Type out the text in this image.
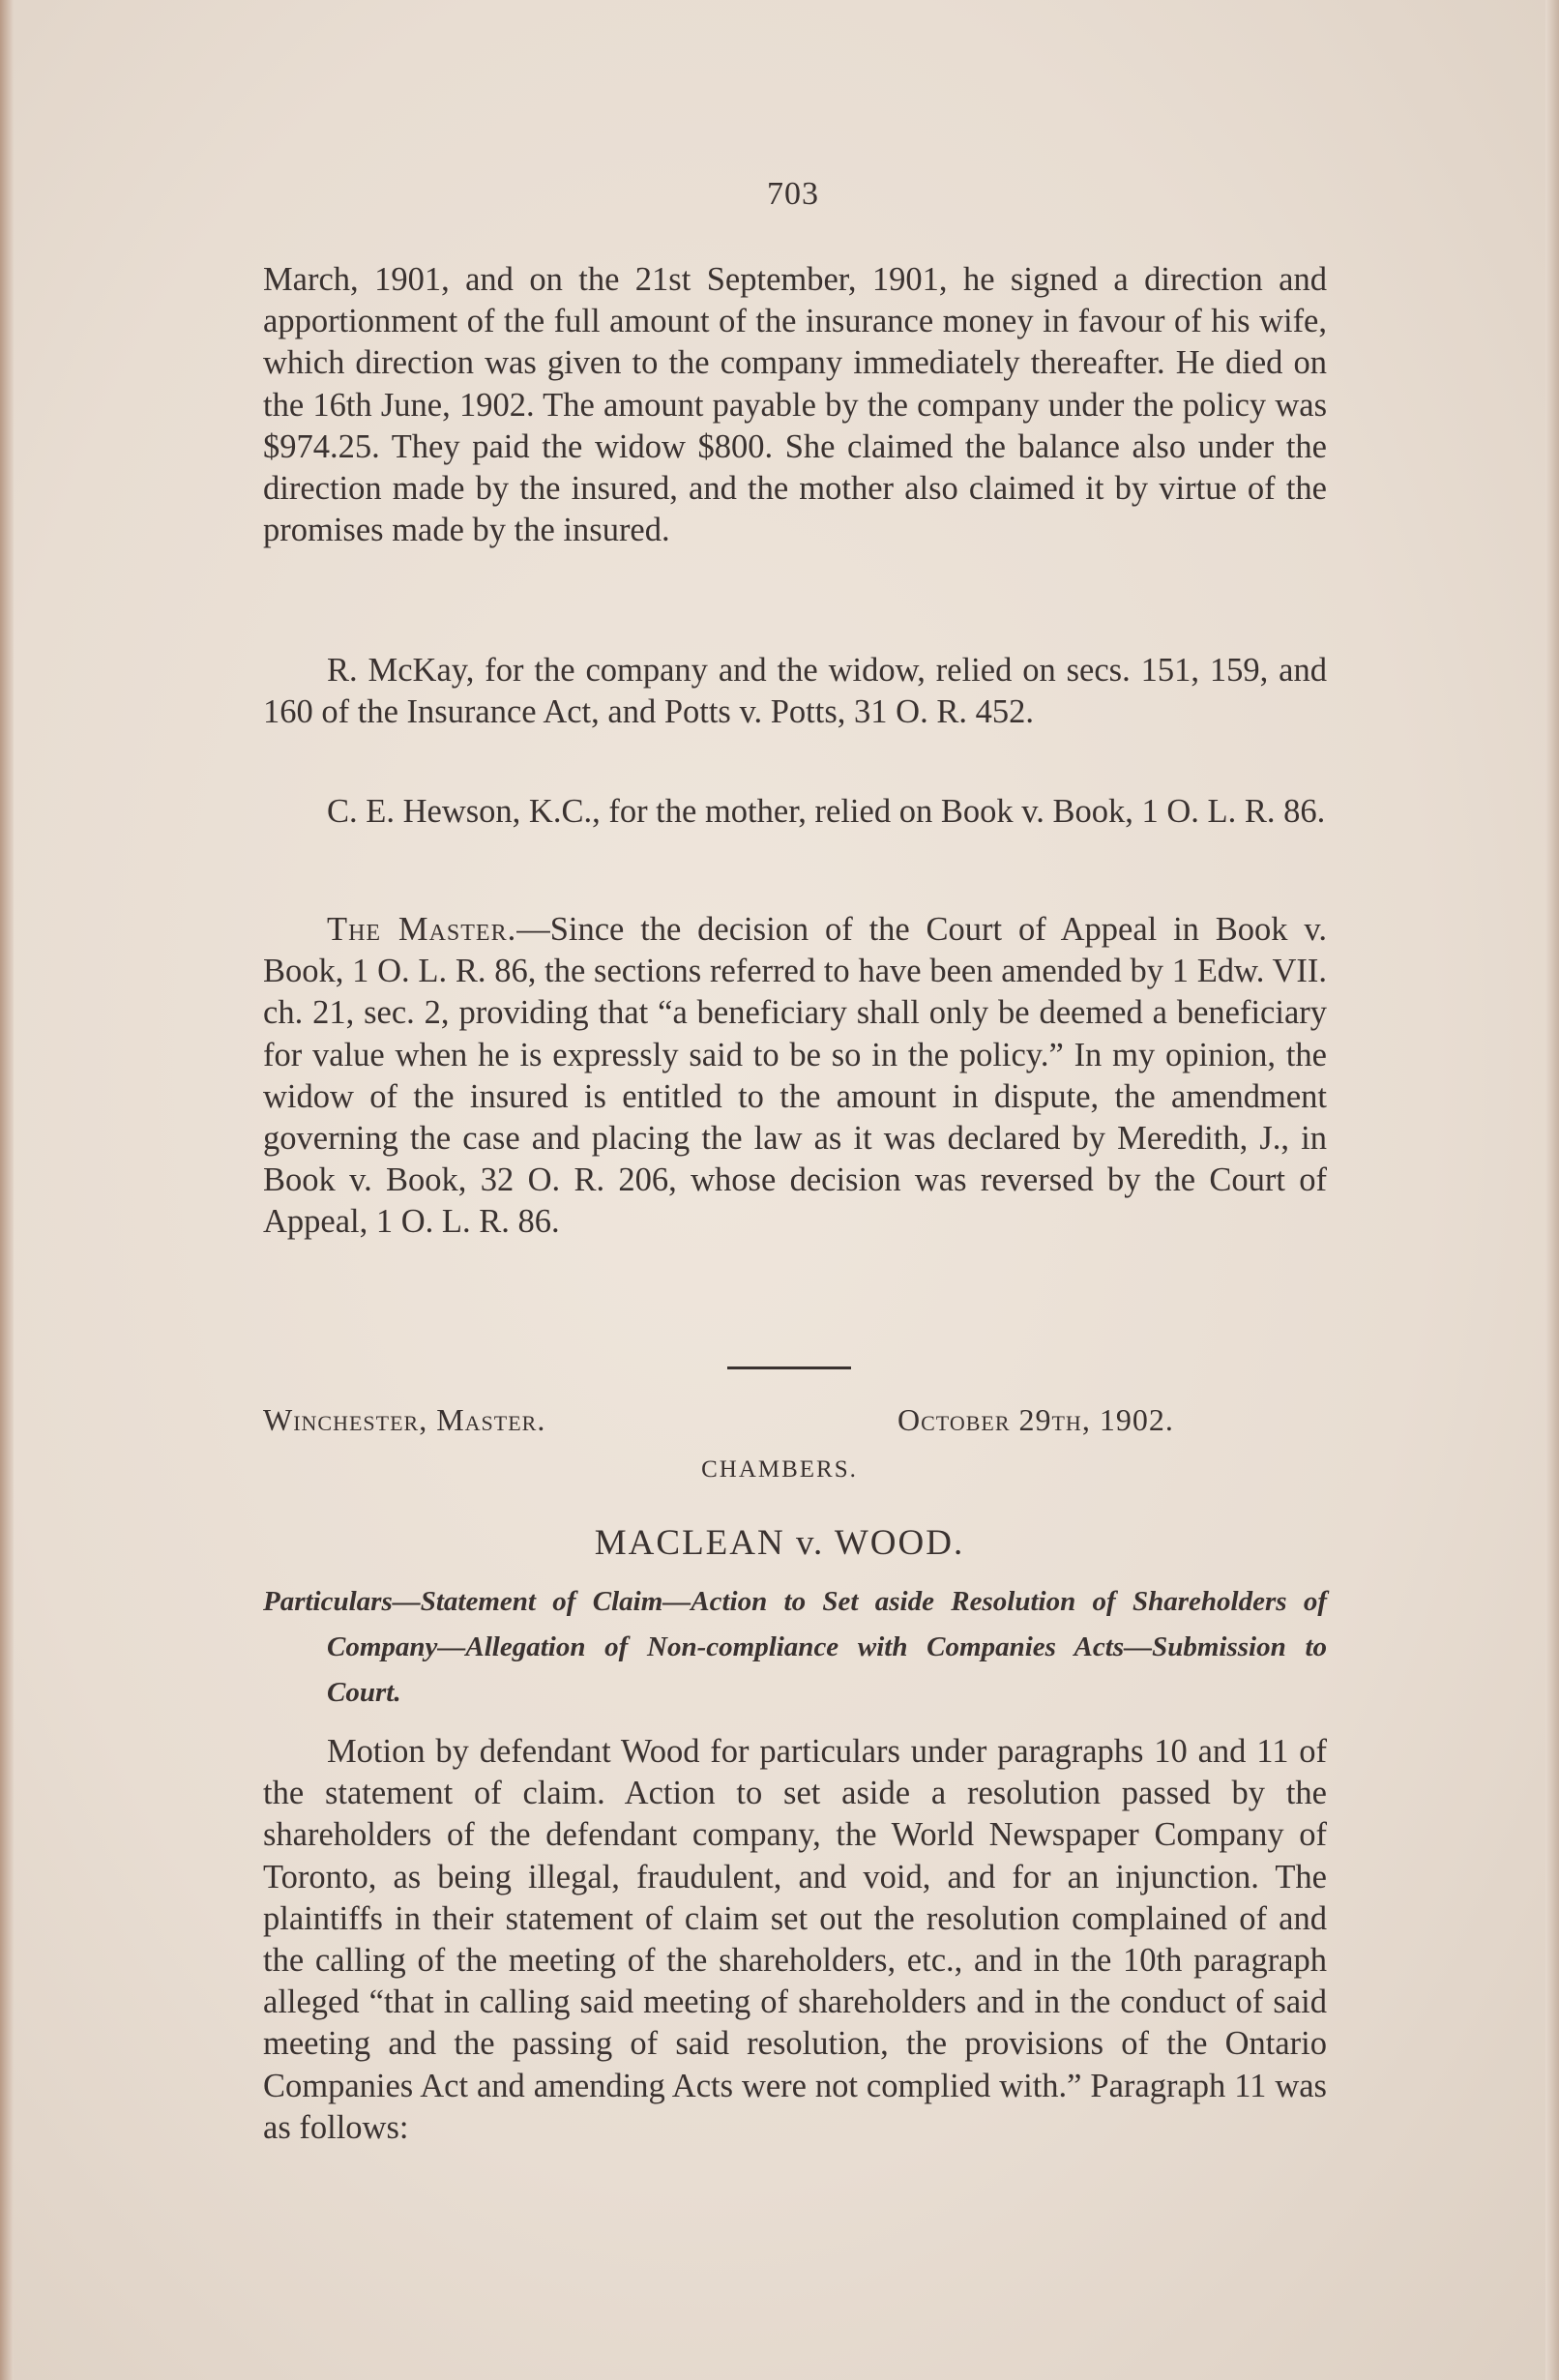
703

March, 1901, and on the 21st September, 1901, he signed a direction and apportionment of the full amount of the insurance money in favour of his wife, which direction was given to the company immediately thereafter. He died on the 16th June, 1902. The amount payable by the company under the policy was $974.25. They paid the widow $800. She claimed the balance also under the direction made by the insured, and the mother also claimed it by virtue of the promises made by the insured.

R. McKay, for the company and the widow, relied on secs. 151, 159, and 160 of the Insurance Act, and Potts v. Potts, 31 O. R. 452.

C. E. Hewson, K.C., for the mother, relied on Book v. Book, 1 O. L. R. 86.

The Master.—Since the decision of the Court of Appeal in Book v. Book, 1 O. L. R. 86, the sections referred to have been amended by 1 Edw. VII. ch. 21, sec. 2, providing that “a beneficiary shall only be deemed a beneficiary for value when he is expressly said to be so in the policy.” In my opinion, the widow of the insured is entitled to the amount in dispute, the amendment governing the case and placing the law as it was declared by Meredith, J., in Book v. Book, 32 O. R. 206, whose decision was reversed by the Court of Appeal, 1 O. L. R. 86.

Winchester, Master.	October 29th, 1902.
CHAMBERS.
MACLEAN v. WOOD.

Particulars—Statement of Claim—Action to Set aside Resolution of Shareholders of Company—Allegation of Non-compliance with Companies Acts—Submission to Court.

Motion by defendant Wood for particulars under paragraphs 10 and 11 of the statement of claim. Action to set aside a resolution passed by the shareholders of the defendant company, the World Newspaper Company of Toronto, as being illegal, fraudulent, and void, and for an injunction. The plaintiffs in their statement of claim set out the resolution complained of and the calling of the meeting of the shareholders, etc., and in the 10th paragraph alleged “that in calling said meeting of shareholders and in the conduct of said meeting and the passing of said resolution, the provisions of the Ontario Companies Act and amending Acts were not complied with.” Paragraph 11 was as follows:
